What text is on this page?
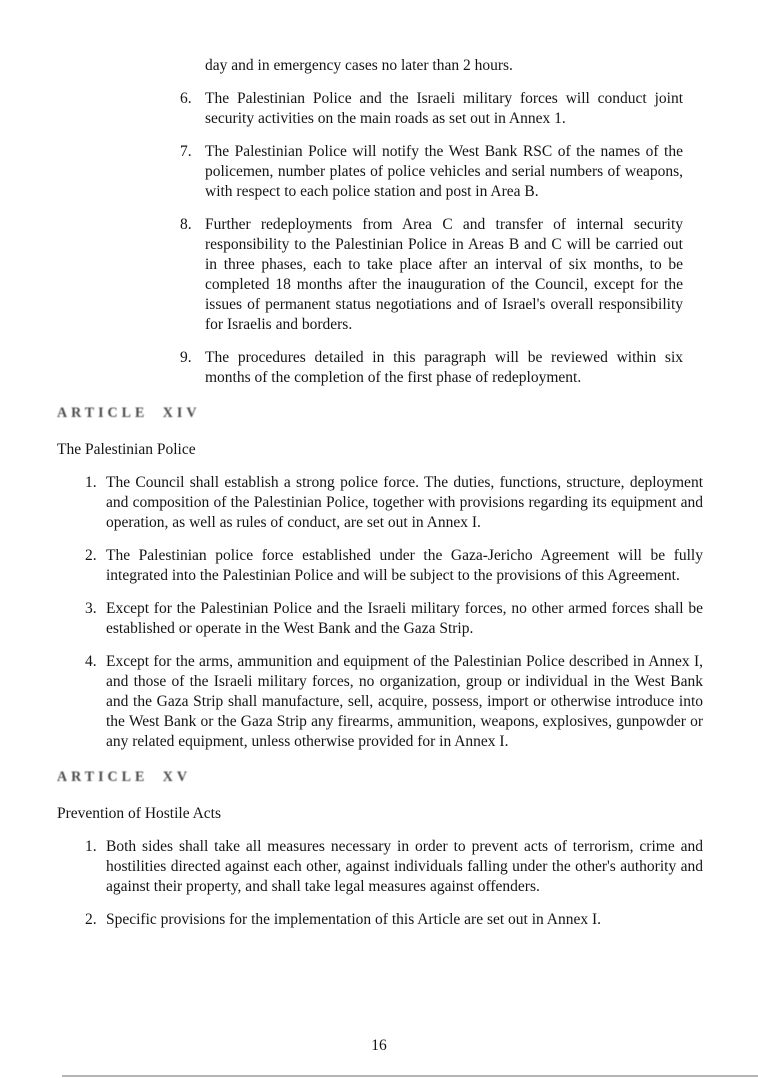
day and in emergency cases no later than 2 hours.
6. The Palestinian Police and the Israeli military forces will conduct joint security activities on the main roads as set out in Annex 1.
7. The Palestinian Police will notify the West Bank RSC of the names of the policemen, number plates of police vehicles and serial numbers of weapons, with respect to each police station and post in Area B.
8. Further redeployments from Area C and transfer of internal security responsibility to the Palestinian Police in Areas B and C will be carried out in three phases, each to take place after an interval of six months, to be completed 18 months after the inauguration of the Council, except for the issues of permanent status negotiations and of Israel's overall responsibility for Israelis and borders.
9. The procedures detailed in this paragraph will be reviewed within six months of the completion of the first phase of redeployment.
ARTICLE XIV
The Palestinian Police
1. The Council shall establish a strong police force. The duties, functions, structure, deployment and composition of the Palestinian Police, together with provisions regarding its equipment and operation, as well as rules of conduct, are set out in Annex I.
2. The Palestinian police force established under the Gaza-Jericho Agreement will be fully integrated into the Palestinian Police and will be subject to the provisions of this Agreement.
3. Except for the Palestinian Police and the Israeli military forces, no other armed forces shall be established or operate in the West Bank and the Gaza Strip.
4. Except for the arms, ammunition and equipment of the Palestinian Police described in Annex I, and those of the Israeli military forces, no organization, group or individual in the West Bank and the Gaza Strip shall manufacture, sell, acquire, possess, import or otherwise introduce into the West Bank or the Gaza Strip any firearms, ammunition, weapons, explosives, gunpowder or any related equipment, unless otherwise provided for in Annex I.
ARTICLE XV
Prevention of Hostile Acts
1. Both sides shall take all measures necessary in order to prevent acts of terrorism, crime and hostilities directed against each other, against individuals falling under the other's authority and against their property, and shall take legal measures against offenders.
2. Specific provisions for the implementation of this Article are set out in Annex I.
16
